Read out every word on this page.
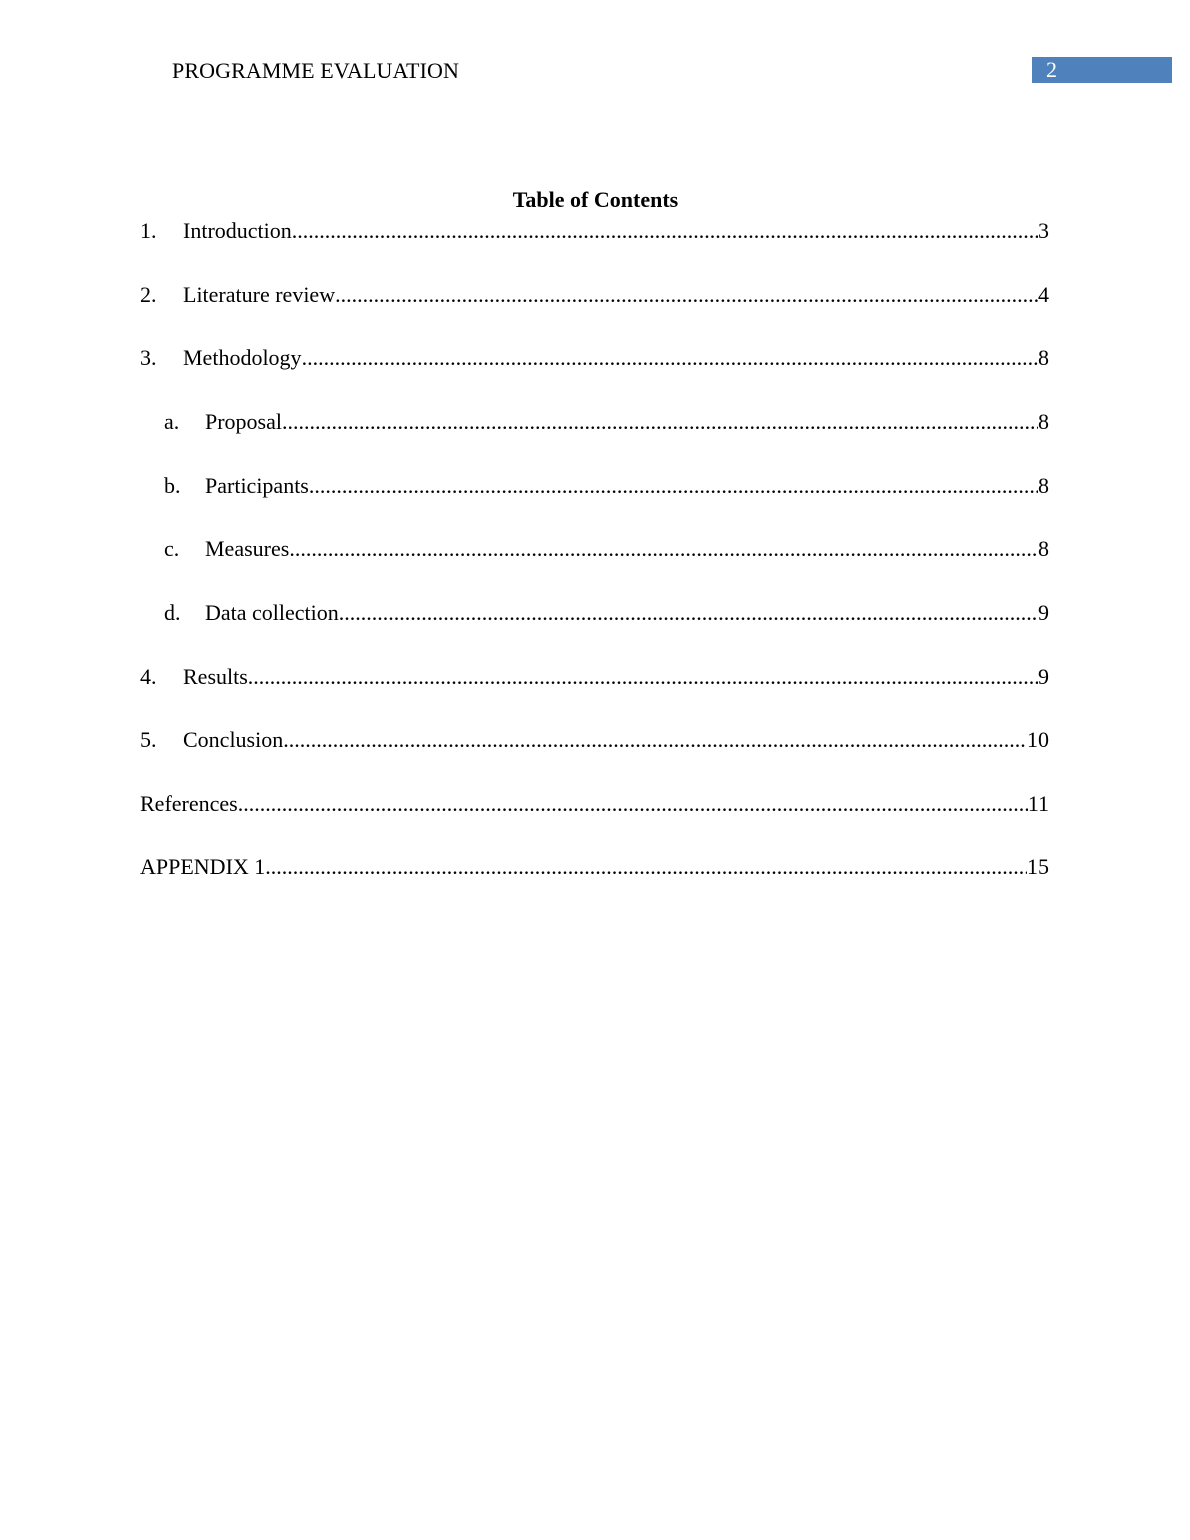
PROGRAMME EVALUATION	2
Table of Contents
1.	Introduction .....	3
2.	Literature review .....	4
3.	Methodology .....	8
a.	Proposal .....	8
b.	Participants .....	8
c.	Measures .....	8
d.	Data collection .....	9
4.	Results .....	9
5.	Conclusion .....	10
References .....	11
APPENDIX 1 .....	15
